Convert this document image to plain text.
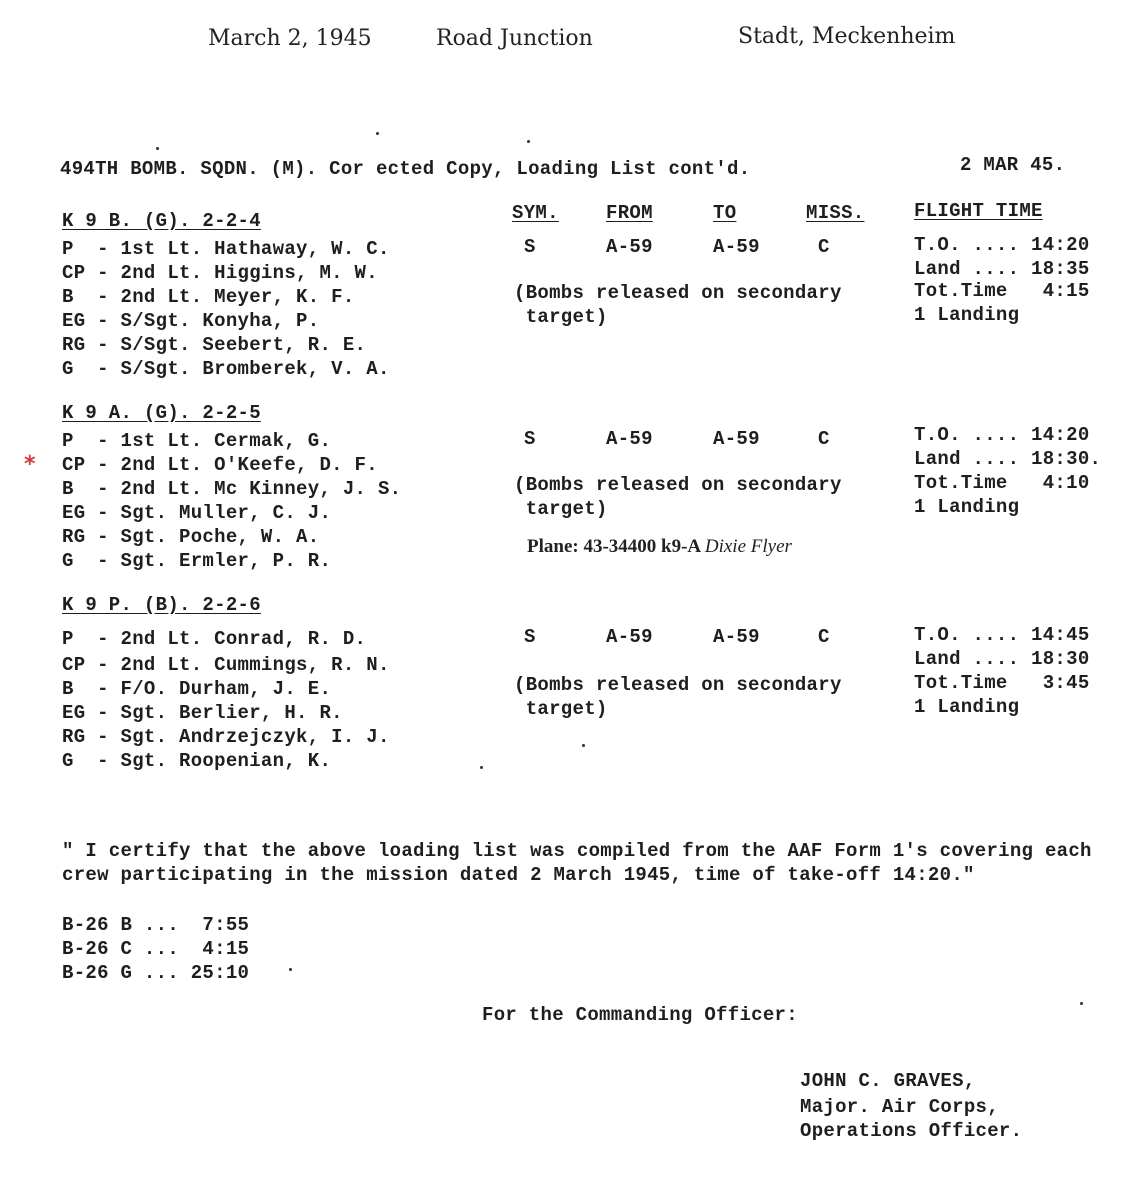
March 2, 1945	Road Junction	Stadt, Meckenheim
494TH BOMB. SQDN. (M). Cor ected Copy, Loading List cont'd.	2 MAR 45.
SYM. FROM	TO	MISS.	FLIGHT TIME
K 9 B. (G). 2-2-4
P  - 1st Lt. Hathaway, W. C.
CP - 2nd Lt. Higgins, M. W.
B  - 2nd Lt. Meyer, K. F.
EG - S/Sgt. Konyha, P.
RG - S/Sgt. Seebert, R. E.
G  - S/Sgt. Bromberek, V. A.
S	A-59	A-59	C
(Bombs released on secondary
target)
T.O. .... 14:20
Land .... 18:35
Tot.Time   4:15
1 Landing
K 9 A. (G). 2-2-5
P  - 1st Lt. Cermak, G.
* CP - 2nd Lt. O'Keefe, D. F.
B  - 2nd Lt. Mc Kinney, J. S.
EG - Sgt. Muller, C. J.
RG - Sgt. Poche, W. A.
G  - Sgt. Ermler, P. R.
S	A-59	A-59	C
(Bombs released on secondary
target)
T.O. .... 14:20
Land .... 18:30.
Tot.Time   4:10
1 Landing
Plane: 43-34400 k9-A Dixie Flyer
K 9 P. (B). 2-2-6
P  - 2nd Lt. Conrad, R. D.
CP - 2nd Lt. Cummings, R. N.
B  - F/O. Durham, J. E.
EG - Sgt. Berlier, H. R.
RG - Sgt. Andrzejczyk, I. J.
G  - Sgt. Roopenian, K.
S	A-59	A-59	C
(Bombs released on secondary
target)
T.O. .... 14:45
Land .... 18:30
Tot.Time   3:45
1 Landing
" I certify that the above loading list was compiled from the AAF Form 1's covering each
crew participating in the mission dated 2 March 1945, time of take-off 14:20."
B-26 B ...  7:55
B-26 C ...  4:15
B-26 G ... 25:10
For the Commanding Officer:
JOHN C. GRAVES,
Major. Air Corps,
Operations Officer.
